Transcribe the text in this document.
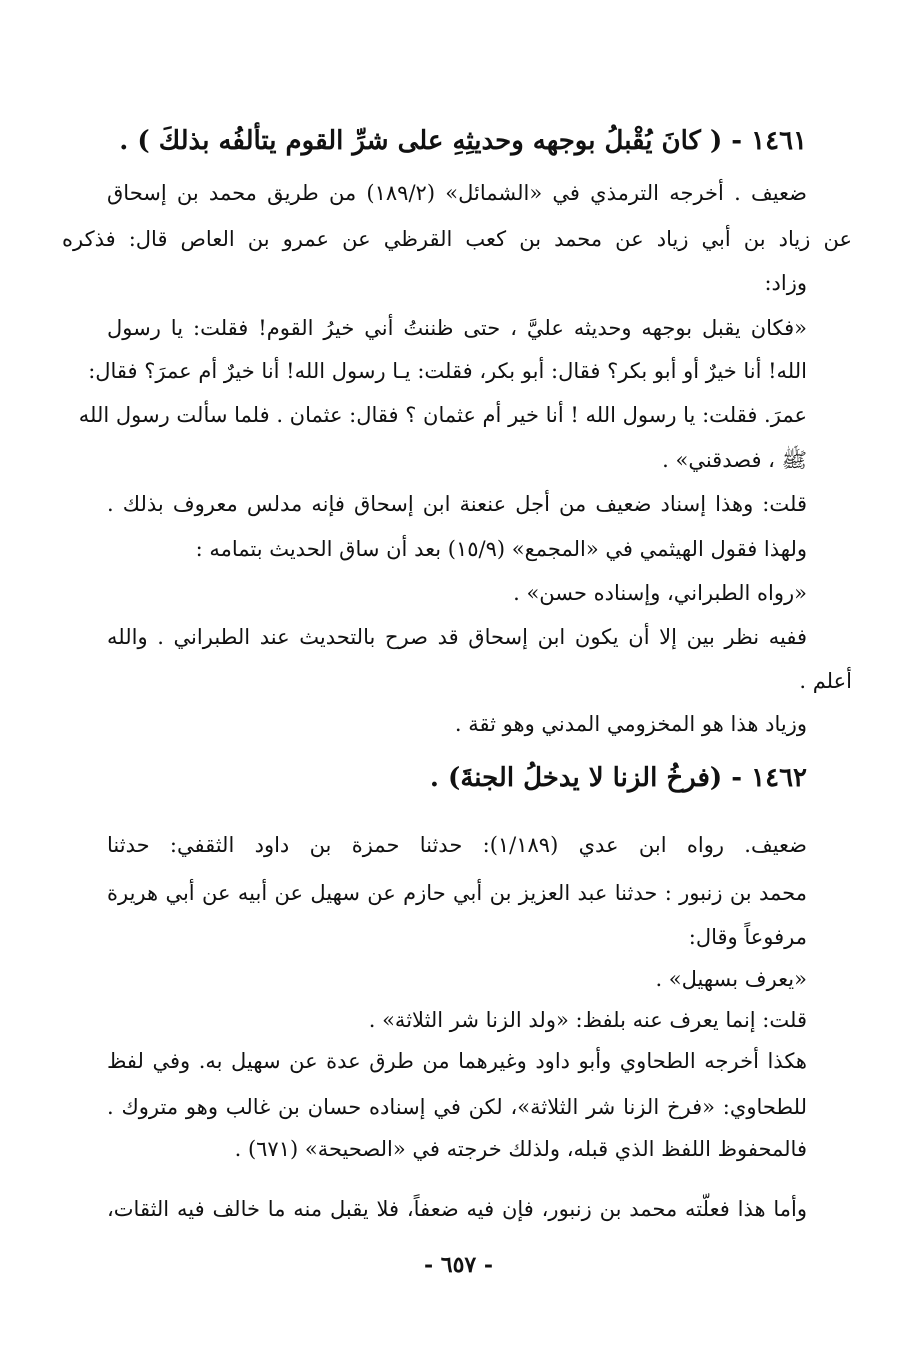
١٤٦١ - ( كانَ يُقْبلُ بوجهه وحديثِهِ على شرِّ القوم يتألفُه بذلكَ ) .
ضعيف . أخرجه الترمذي في «الشمائل» (١٨٩/٢) من طريق محمد بن إسحاق
عن زياد بن أبي زياد عن محمد بن كعب القرظي عن عمرو بن العاص قال: فذكره
وزاد:
«فكان يقبل بوجهه وحديثه عليَّ ، حتى ظننتُ أني خيرُ القوم! فقلت: يا رسول
الله! أنا خيرٌ أو أبو بكر؟ فقال: أبو بكر، فقلت: يـا رسول الله! أنا خيرٌ أم عمرَ؟ فقال:
عمرَ. فقلت: يا رسول الله ! أنا خير أم عثمان ؟ فقال: عثمان . فلما سألت رسول الله
ﷺ ، فصدقني» .
قلت: وهذا إسناد ضعيف من أجل عنعنة ابن إسحاق فإنه مدلس معروف بذلك .
ولهذا فقول الهيثمي في «المجمع» (١٥/٩) بعد أن ساق الحديث بتمامه :
«رواه الطبراني، وإسناده حسن» .
ففيه نظر بين إلا أن يكون ابن إسحاق قد صرح بالتحديث عند الطبراني . والله
أعلم .
وزياد هذا هو المخزومي المدني وهو ثقة .
١٤٦٢ - (فرخُ الزنا لا يدخلُ الجنةَ) .
ضعيف. رواه ابن عدي (١/١٨٩): حدثنا حمزة بن داود الثقفي: حدثنا
محمد بن زنبور : حدثنا عبد العزيز بن أبي حازم عن سهيل عن أبيه عن أبي هريرة
مرفوعاً وقال:
«يعرف بسهيل» .
قلت: إنما يعرف عنه بلفظ: «ولد الزنا شر الثلاثة» .
هكذا أخرجه الطحاوي وأبو داود وغيرهما من طرق عدة عن سهيل به. وفي لفظ
للطحاوي: «فرخ الزنا شر الثلاثة»، لكن في إسناده حسان بن غالب وهو متروك .
فالمحفوظ اللفظ الذي قبله، ولذلك خرجته في «الصحيحة» (٦٧١) .
وأما هذا فعلّته محمد بن زنبور، فإن فيه ضعفاً، فلا يقبل منه ما خالف فيه الثقات،
- ٦٥٧ -
